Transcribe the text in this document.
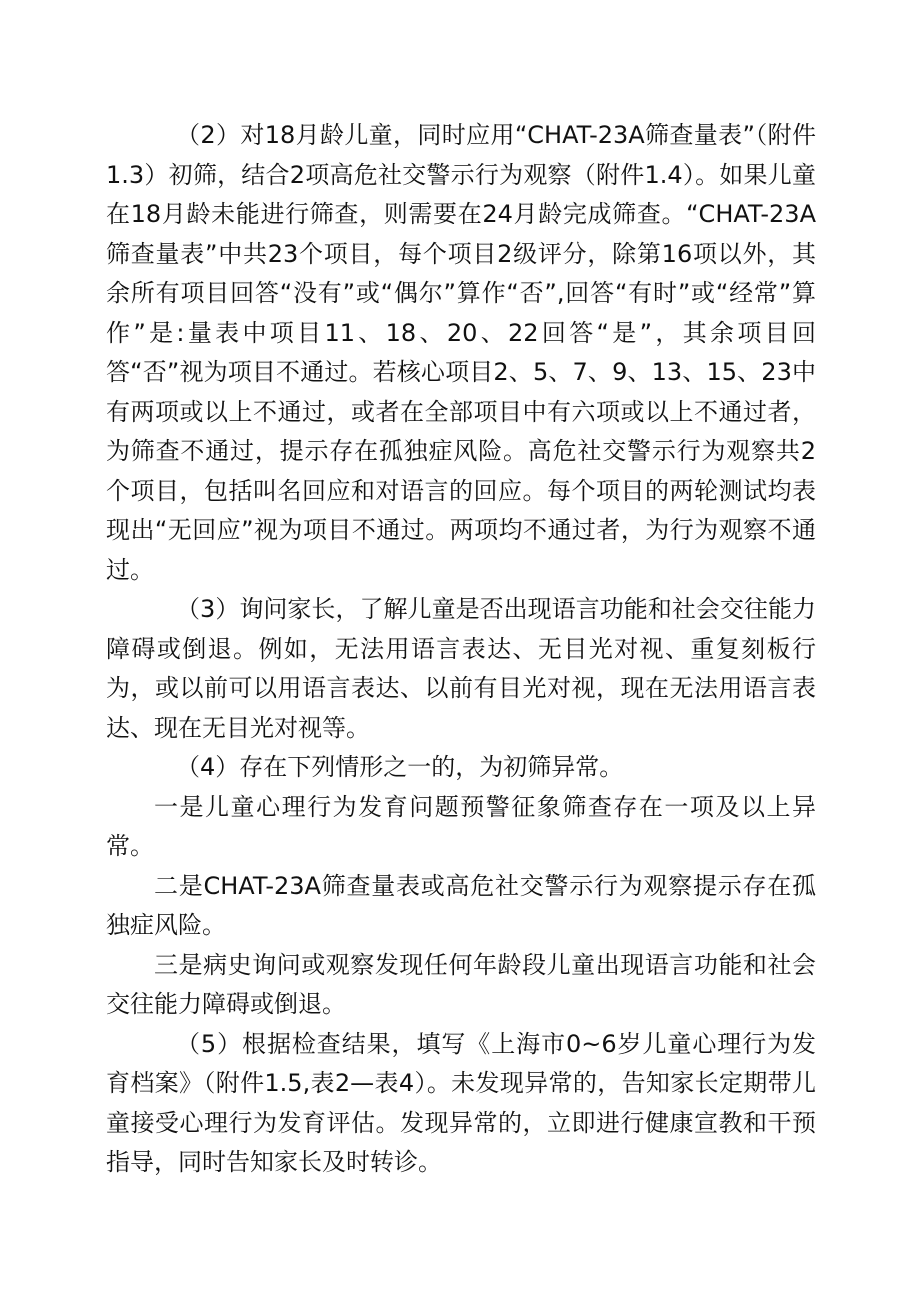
（2）对18月龄儿童，同时应用“CHAT-23A筛查量表”（附件1.3）初筛，结合2项高危社交警示行为观察（附件1.4）。如果儿童在18月龄未能进行筛查，则需要在24月龄完成筛查。“CHAT-23A筛查量表”中共23个项目，每个项目2级评分，除第16项以外，其余所有项目回答“没有”或“偶尔”算作“否”,回答“有时”或“经常”算作”是:量表中项目11、18、20、22回答“是”，其余项目回答“否”视为项目不通过。若核心项目2、5、7、9、13、15、23中有两项或以上不通过，或者在全部项目中有六项或以上不通过者，为筛查不通过，提示存在孤独症风险。高危社交警示行为观察共2个项目，包括叫名回应和对语言的回应。每个项目的两轮测试均表现出“无回应”视为项目不通过。两项均不通过者，为行为观察不通过。

（3）询问家长，了解儿童是否出现语言功能和社会交往能力障碍或倒退。例如，无法用语言表达、无目光对视、重复刻板行为，或以前可以用语言表达、以前有目光对视，现在无法用语言表达、现在无目光对视等。

（4）存在下列情形之一的，为初筛异常。

一是儿童心理行为发育问题预警征象筛查存在一项及以上异常。

二是CHAT-23A筛查量表或高危社交警示行为观察提示存在孤独症风险。

三是病史询问或观察发现任何年龄段儿童出现语言功能和社会交往能力障碍或倒退。

（5）根据检查结果，填写《上海市0~6岁儿童心理行为发育档案》（附件1.5,表2—表4）。未发现异常的，告知家长定期带儿童接受心理行为发育评估。发现异常的，立即进行健康宣教和干预指导，同时告知家长及时转诊。
